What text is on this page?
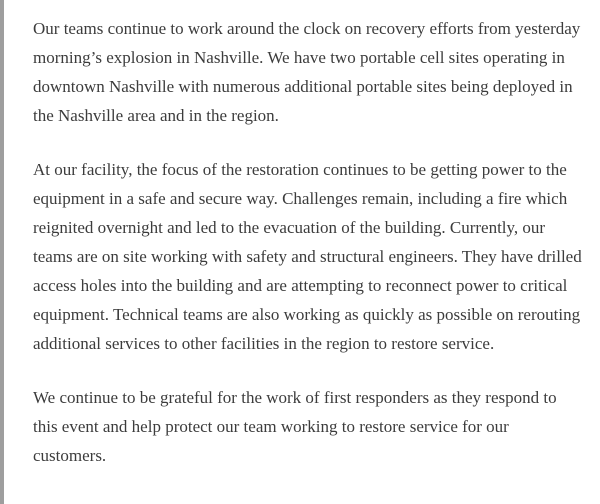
Our teams continue to work around the clock on recovery efforts from yesterday morning’s explosion in Nashville. We have two portable cell sites operating in downtown Nashville with numerous additional portable sites being deployed in the Nashville area and in the region.

At our facility, the focus of the restoration continues to be getting power to the equipment in a safe and secure way. Challenges remain, including a fire which reignited overnight and led to the evacuation of the building. Currently, our teams are on site working with safety and structural engineers. They have drilled access holes into the building and are attempting to reconnect power to critical equipment. Technical teams are also working as quickly as possible on rerouting additional services to other facilities in the region to restore service.

We continue to be grateful for the work of first responders as they respond to this event and help protect our team working to restore service for our customers.
